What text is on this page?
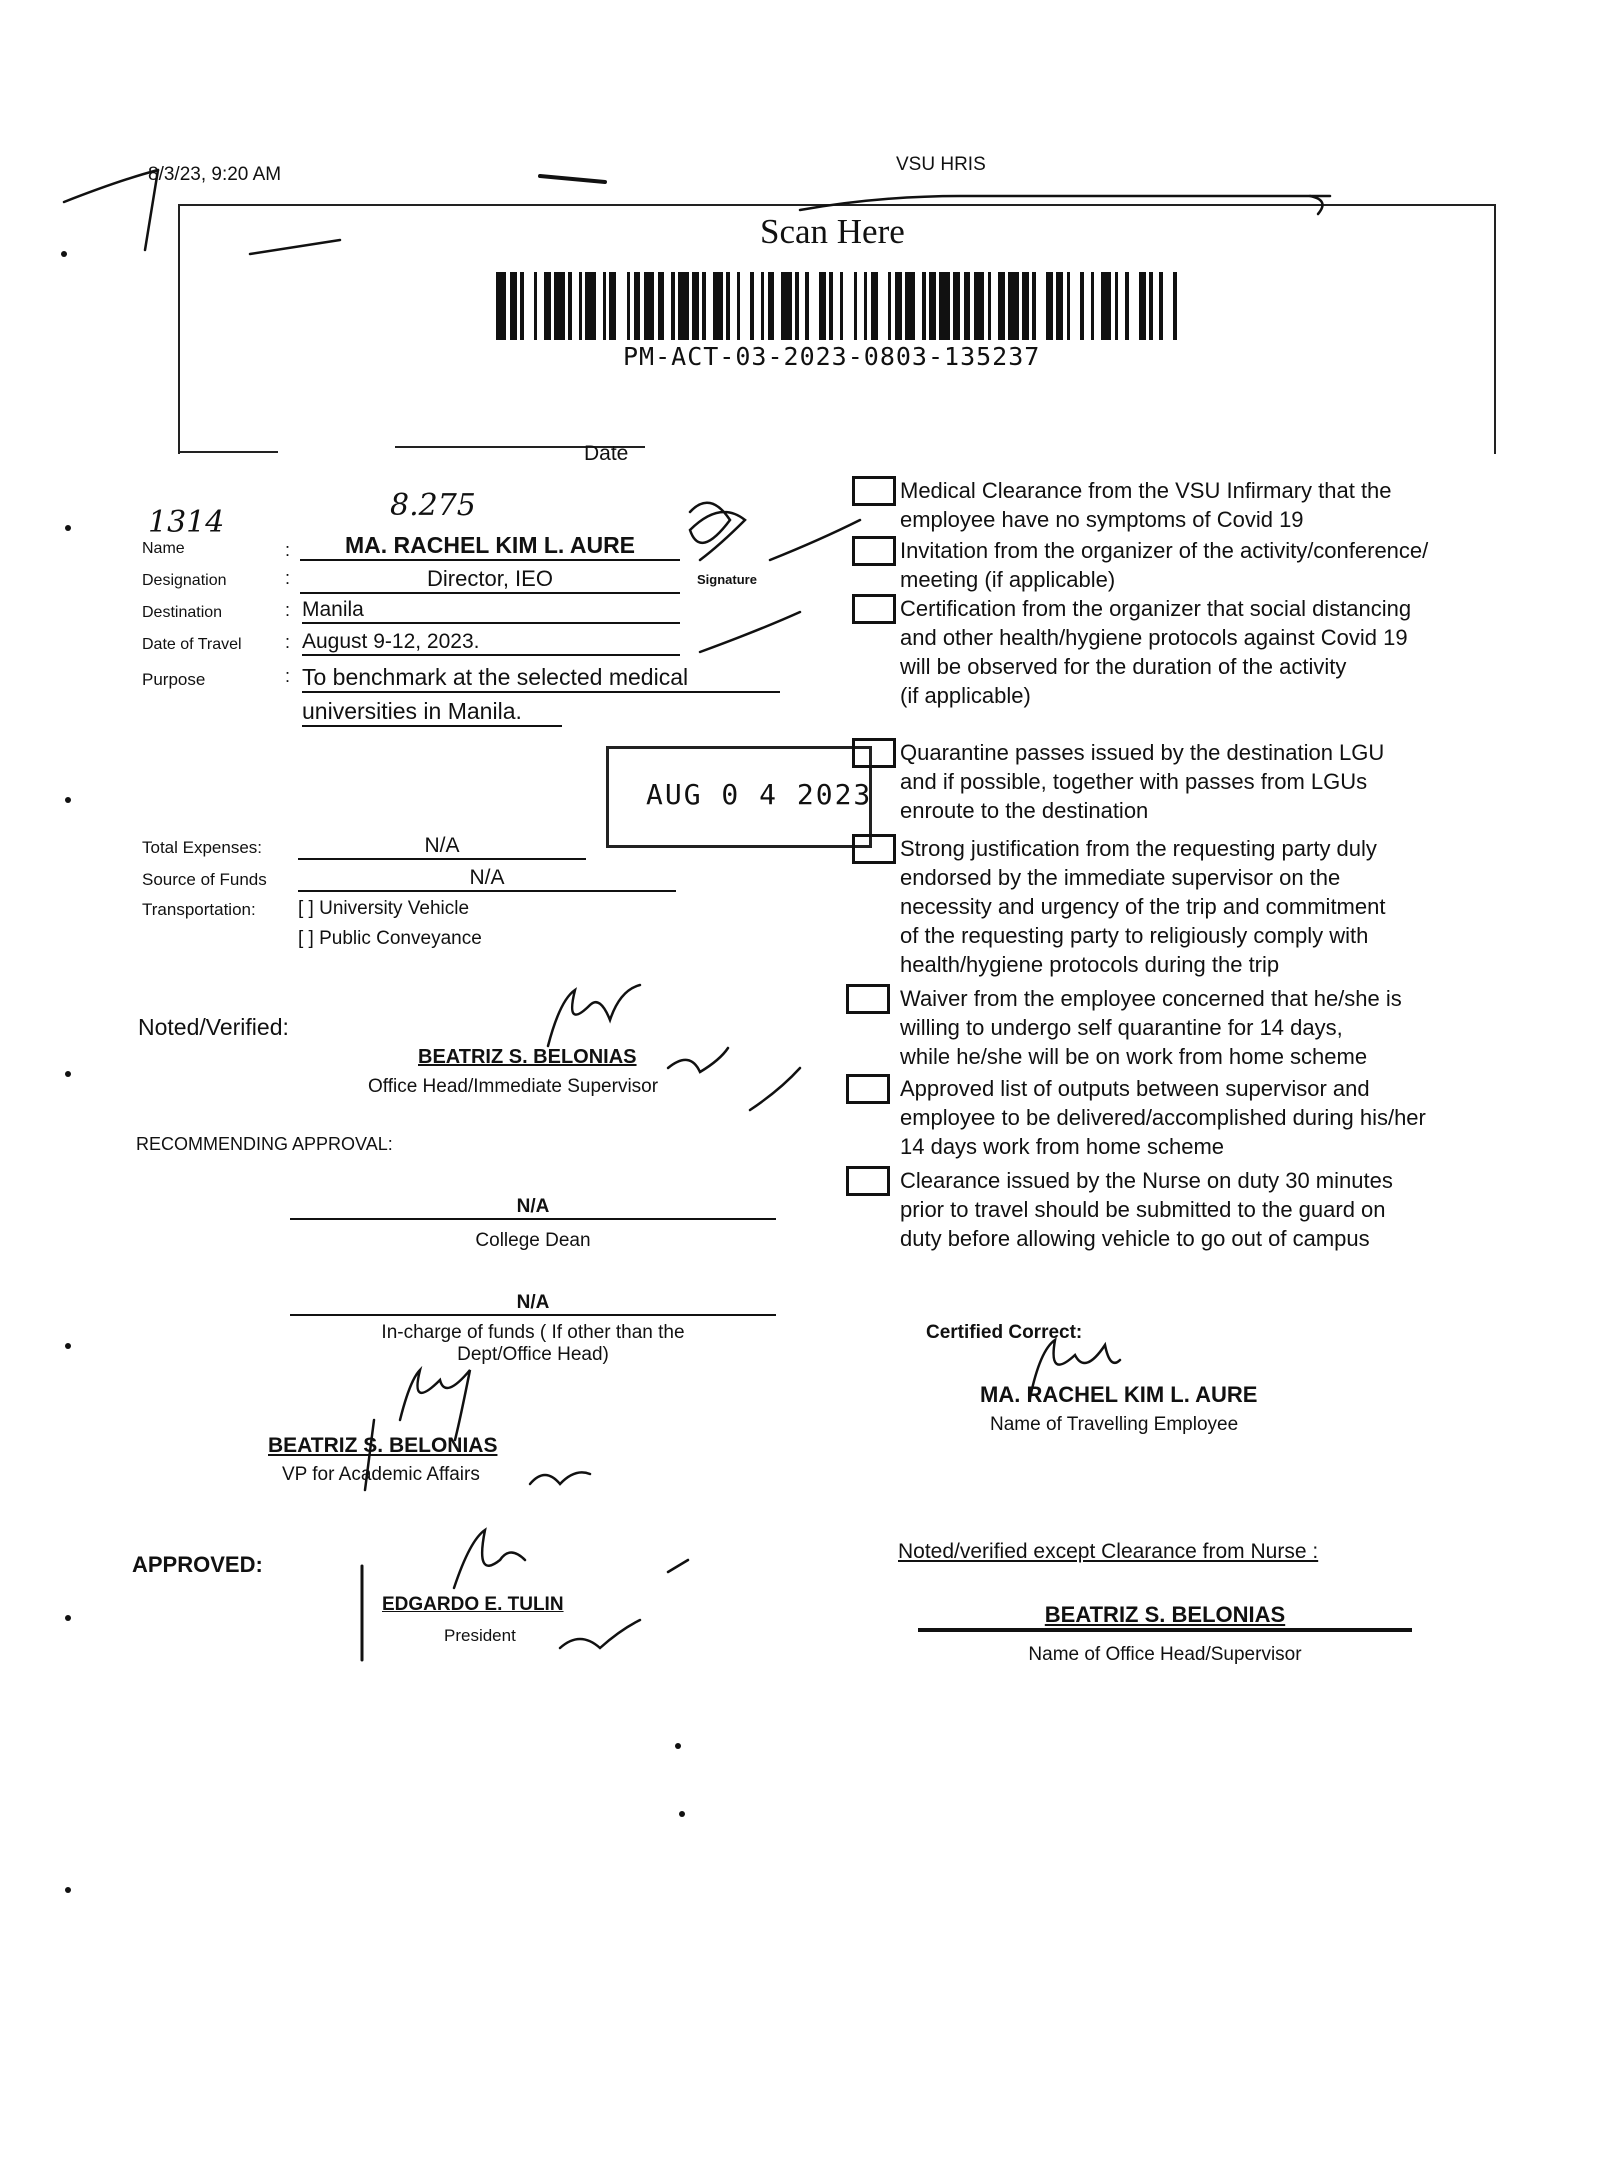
8/3/23, 9:20 AM	VSU HRIS
Scan Here
PM-ACT-03-2023-0803-135237
Date
1314	8.275
Name	:	MA. RACHEL KIM L. AURE
Signature
Designation	:	Director, IEO
Destination	: Manila
Date of Travel : August 9-12, 2023.
Purpose	: To benchmark at the selected medical
universities in Manila.
Total Expenses:	N/A
Source of Funds	N/A
Transportation: [ ] University Vehicle
[ ] Public Conveyance
AUG 0 4 2023
Medical Clearance from the VSU Infirmary that the
employee have no symptoms of Covid 19
Invitation from the organizer of the activity/conference/
meeting (if applicable)
Certification from the organizer that social distancing
and other health/hygiene protocols against Covid 19
will be observed for the duration of the activity
(if applicable)
Quarantine passes issued by the destination LGU
and if possible, together with passes from LGUs
enroute to the destination
Strong justification from the requesting party duly
endorsed by the immediate supervisor on the
necessity and urgency of the trip and commitment
of the requesting party to religiously comply with
health/hygiene protocols during the trip
Waiver from the employee concerned that he/she is
willing to undergo self quarantine for 14 days,
while he/she will be on work from home scheme
Approved list of outputs between supervisor and
employee to be delivered/accomplished during his/her
14 days work from home scheme
Clearance issued by the Nurse on duty 30 minutes
prior to travel should be submitted to the guard on
duty before allowing vehicle to go out of campus
Noted/Verified:
BEATRIZ S. BELONIAS
Office Head/Immediate Supervisor
RECOMMENDING APPROVAL:
N/A
College Dean
N/A
In-charge of funds ( If other than the
Dept/Office Head)
BEATRIZ S. BELONIAS
VP for Academic Affairs
APPROVED:
EDGARDO E. TULIN
President
Certified Correct:
MA. RACHEL KIM L. AURE
Name of Travelling Employee
Noted/verified except Clearance from Nurse :
BEATRIZ S. BELONIAS
Name of Office Head/Supervisor
